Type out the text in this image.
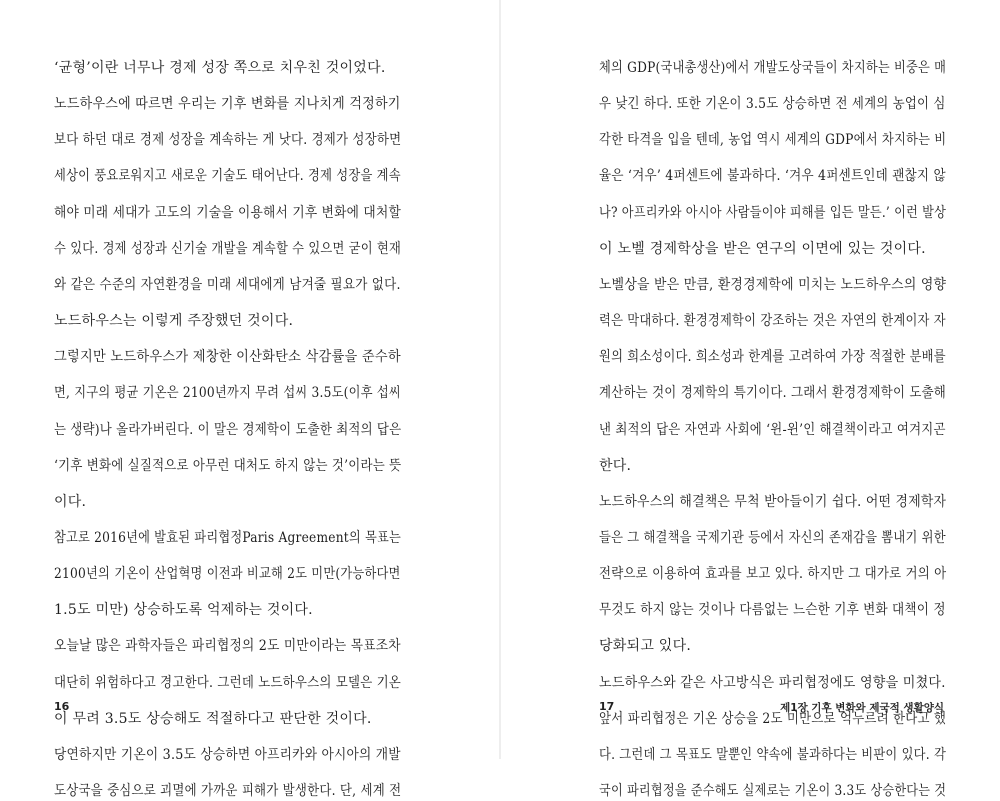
‘균형’이란 너무나 경제 성장 쪽으로 치우친 것이었다.
노드하우스에 따르면 우리는 기후 변화를 지나치게 걱정하기
보다 하던 대로 경제 성장을 계속하는 게 낫다. 경제가 성장하면
세상이 풍요로워지고 새로운 기술도 태어난다. 경제 성장을 계속
해야 미래 세대가 고도의 기술을 이용해서 기후 변화에 대처할
수 있다. 경제 성장과 신기술 개발을 계속할 수 있으면 굳이 현재
와 같은 수준의 자연환경을 미래 세대에게 남겨줄 필요가 없다.
노드하우스는 이렇게 주장했던 것이다.
그렇지만 노드하우스가 제창한 이산화탄소 삭감률을 준수하
면, 지구의 평균 기온은 2100년까지 무려 섭씨 3.5도(이후 섭씨
는 생략)나 올라가버린다. 이 말은 경제학이 도출한 최적의 답은
‘기후 변화에 실질적으로 아무런 대처도 하지 않는 것’이라는 뜻
이다.
참고로 2016년에 발효된 파리협정Paris Agreement의 목표는
2100년의 기온이 산업혁명 이전과 비교해 2도 미만(가능하다면
1.5도 미만) 상승하도록 억제하는 것이다.
오늘날 많은 과학자들은 파리협정의 2도 미만이라는 목표조차
대단히 위험하다고 경고한다. 그런데 노드하우스의 모델은 기온
이 무려 3.5도 상승해도 적절하다고 판단한 것이다.
당연하지만 기온이 3.5도 상승하면 아프리카와 아시아의 개발
도상국을 중심으로 괴멸에 가까운 피해가 발생한다. 단, 세계 전
16
체의 GDP(국내총생산)에서 개발도상국들이 차지하는 비중은 매
우 낮긴 하다. 또한 기온이 3.5도 상승하면 전 세계의 농업이 심
각한 타격을 입을 텐데, 농업 역시 세계의 GDP에서 차지하는 비
율은 ‘겨우’ 4퍼센트에 불과하다. ‘겨우 4퍼센트인데 괜찮지 않
나? 아프리카와 아시아 사람들이야 피해를 입든 말든.’ 이런 발상
이 노벨 경제학상을 받은 연구의 이면에 있는 것이다.
노벨상을 받은 만큼, 환경경제학에 미치는 노드하우스의 영향
력은 막대하다. 환경경제학이 강조하는 것은 자연의 한계이자 자
원의 희소성이다. 희소성과 한계를 고려하여 가장 적절한 분배를
계산하는 것이 경제학의 특기이다. 그래서 환경경제학이 도출해
낸 최적의 답은 자연과 사회에 ‘윈-윈’인 해결책이라고 여겨지곤
한다.
노드하우스의 해결책은 무척 받아들이기 쉽다. 어떤 경제학자
들은 그 해결책을 국제기관 등에서 자신의 존재감을 뽐내기 위한
전략으로 이용하여 효과를 보고 있다. 하지만 그 대가로 거의 아
무것도 하지 않는 것이나 다름없는 느슨한 기후 변화 대책이 정
당화되고 있다.
노드하우스와 같은 사고방식은 파리협정에도 영향을 미쳤다.
앞서 파리협정은 기온 상승을 2도 미만으로 억누르려 한다고 했
다. 그런데 그 목표도 말뿐인 약속에 불과하다는 비판이 있다. 각
국이 파리협정을 준수해도 실제로는 기온이 3.3도 상승한다는 것
17	제1장 기후 변화와 제국적 생활양식
